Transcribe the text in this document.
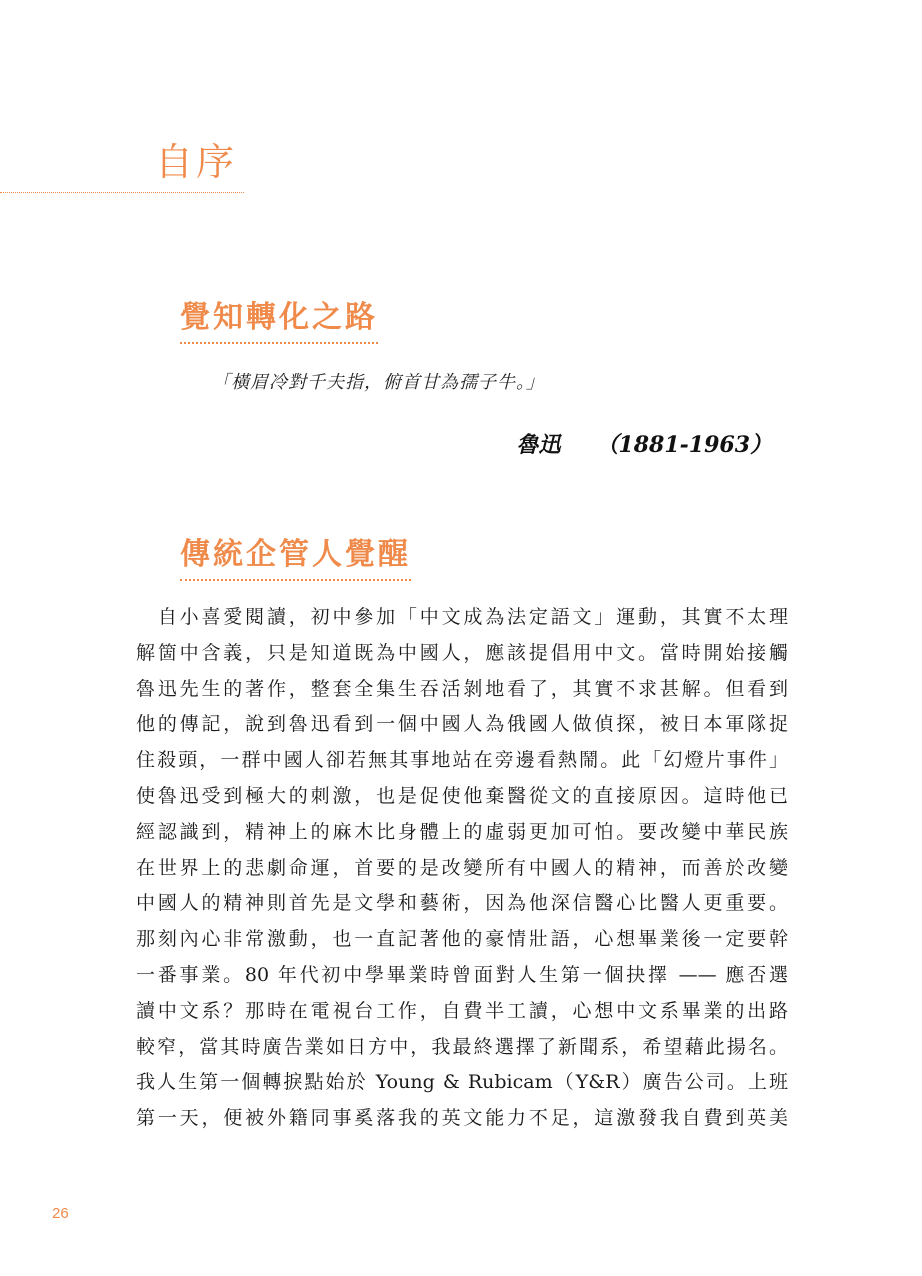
自序
覺知轉化之路

「橫眉冷對千夫指，俯首甘為孺子牛。」

魯迅 （1881-1963）

傳統企管人覺醒
　自小喜愛閱讀，初中參加「中文成為法定語文」運動，其實不太理
解箇中含義，只是知道既為中國人，應該提倡用中文。當時開始接觸
魯迅先生的著作，整套全集生吞活剝地看了，其實不求甚解。但看到
他的傳記，說到魯迅看到一個中國人為俄國人做偵探，被日本軍隊捉
住殺頭，一群中國人卻若無其事地站在旁邊看熱鬧。此「幻燈片事件」
使魯迅受到極大的刺激，也是促使他棄醫從文的直接原因。這時他已
經認識到，精神上的麻木比身體上的虛弱更加可怕。要改變中華民族
在世界上的悲劇命運，首要的是改變所有中國人的精神，而善於改變
中國人的精神則首先是文學和藝術，因為他深信醫心比醫人更重要。
那刻內心非常激動，也一直記著他的豪情壯語，心想畢業後一定要幹
一番事業。80 年代初中學畢業時曾面對人生第一個抉擇 —— 應否選
讀中文系？那時在電視台工作，自費半工讀，心想中文系畢業的出路
較窄，當其時廣告業如日方中，我最終選擇了新聞系，希望藉此揚名。
我人生第一個轉捩點始於 Young & Rubicam（Y&R）廣告公司。上班
第一天，便被外籍同事奚落我的英文能力不足，這激發我自費到英美

26
